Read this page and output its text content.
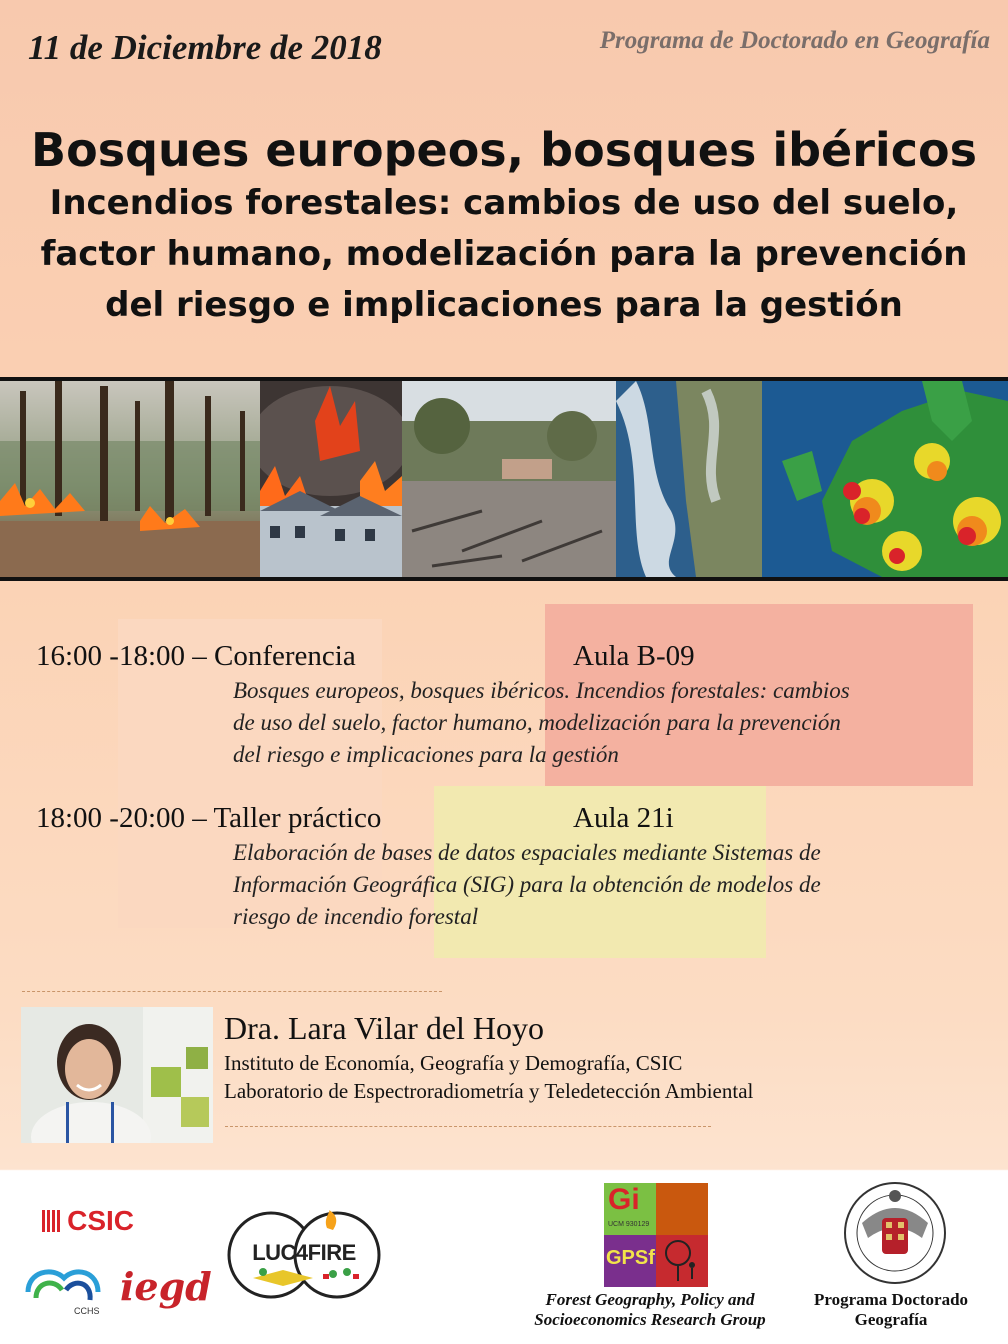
11 de Diciembre de 2018	Programa de Doctorado en Geografía
Bosques europeos, bosques ibéricos
Incendios forestales: cambios de uso del suelo,
factor humano, modelización para la prevención
del riesgo e implicaciones para la gestión
16:00 -18:00 – Conferencia	Aula B-09
Bosques europeos, bosques ibéricos. Incendios forestales: cambios
de uso del suelo, factor humano, modelización para la prevención
del riesgo e implicaciones para la gestión
18:00 -20:00 – Taller práctico	Aula 21i
Elaboración de bases de datos espaciales mediante Sistemas de
Información Geográfica (SIG) para la obtención de modelos de
riesgo de incendio forestal
Dra. Lara Vilar del Hoyo
Instituto de Economía, Geografía y Demografía, CSIC
Laboratorio de Espectroradiometría y Teledetección Ambiental
CSIC
CCHS
iegd
LUC4FIRE
Gi
UCM 930129
GPSf
Forest Geography, Policy and
Socioeconomics Research Group
Programa Doctorado
Geografía
